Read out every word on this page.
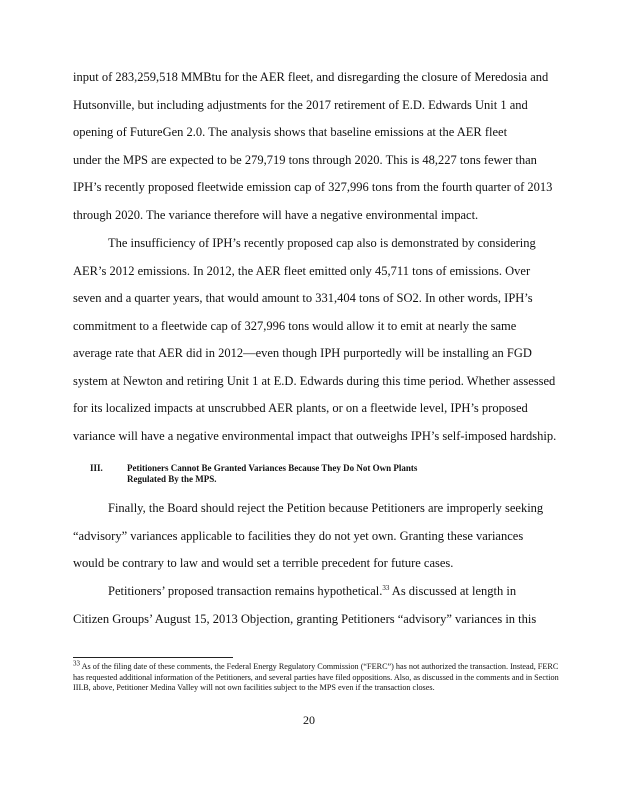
input of 283,259,518 MMBtu for the AER fleet, and disregarding the closure of Meredosia and
Hutsonville, but including adjustments for the 2017 retirement of E.D. Edwards Unit 1 and
opening of FutureGen 2.0. The analysis shows that baseline emissions at the AER fleet
under the MPS are expected to be 279,719 tons through 2020. This is 48,227 tons fewer than
IPH’s recently proposed fleetwide emission cap of 327,996 tons from the fourth quarter of 2013
through 2020. The variance therefore will have a negative environmental impact.
The insufficiency of IPH’s recently proposed cap also is demonstrated by considering
AER’s 2012 emissions. In 2012, the AER fleet emitted only 45,711 tons of emissions. Over
seven and a quarter years, that would amount to 331,404 tons of SO2. In other words, IPH’s
commitment to a fleetwide cap of 327,996 tons would allow it to emit at nearly the same
average rate that AER did in 2012—even though IPH purportedly will be installing an FGD
system at Newton and retiring Unit 1 at E.D. Edwards during this time period. Whether assessed
for its localized impacts at unscrubbed AER plants, or on a fleetwide level, IPH’s proposed
variance will have a negative environmental impact that outweighs IPH’s self-imposed hardship.
III.	Petitioners Cannot Be Granted Variances Because They Do Not Own Plants Regulated By the MPS.
Finally, the Board should reject the Petition because Petitioners are improperly seeking
“advisory” variances applicable to facilities they do not yet own. Granting these variances
would be contrary to law and would set a terrible precedent for future cases.
Petitioners’ proposed transaction remains hypothetical.$^{33}$ As discussed at length in
Citizen Groups’ August 15, 2013 Objection, granting Petitioners “advisory” variances in this
$^{33}$ As of the filing date of these comments, the Federal Energy Regulatory Commission (“FERC”) has not authorized the transaction. Instead, FERC has requested additional information of the Petitioners, and several parties have filed oppositions. Also, as discussed in the comments and in Section III.B, above, Petitioner Medina Valley will not own facilities subject to the MPS even if the transaction closes.
20
